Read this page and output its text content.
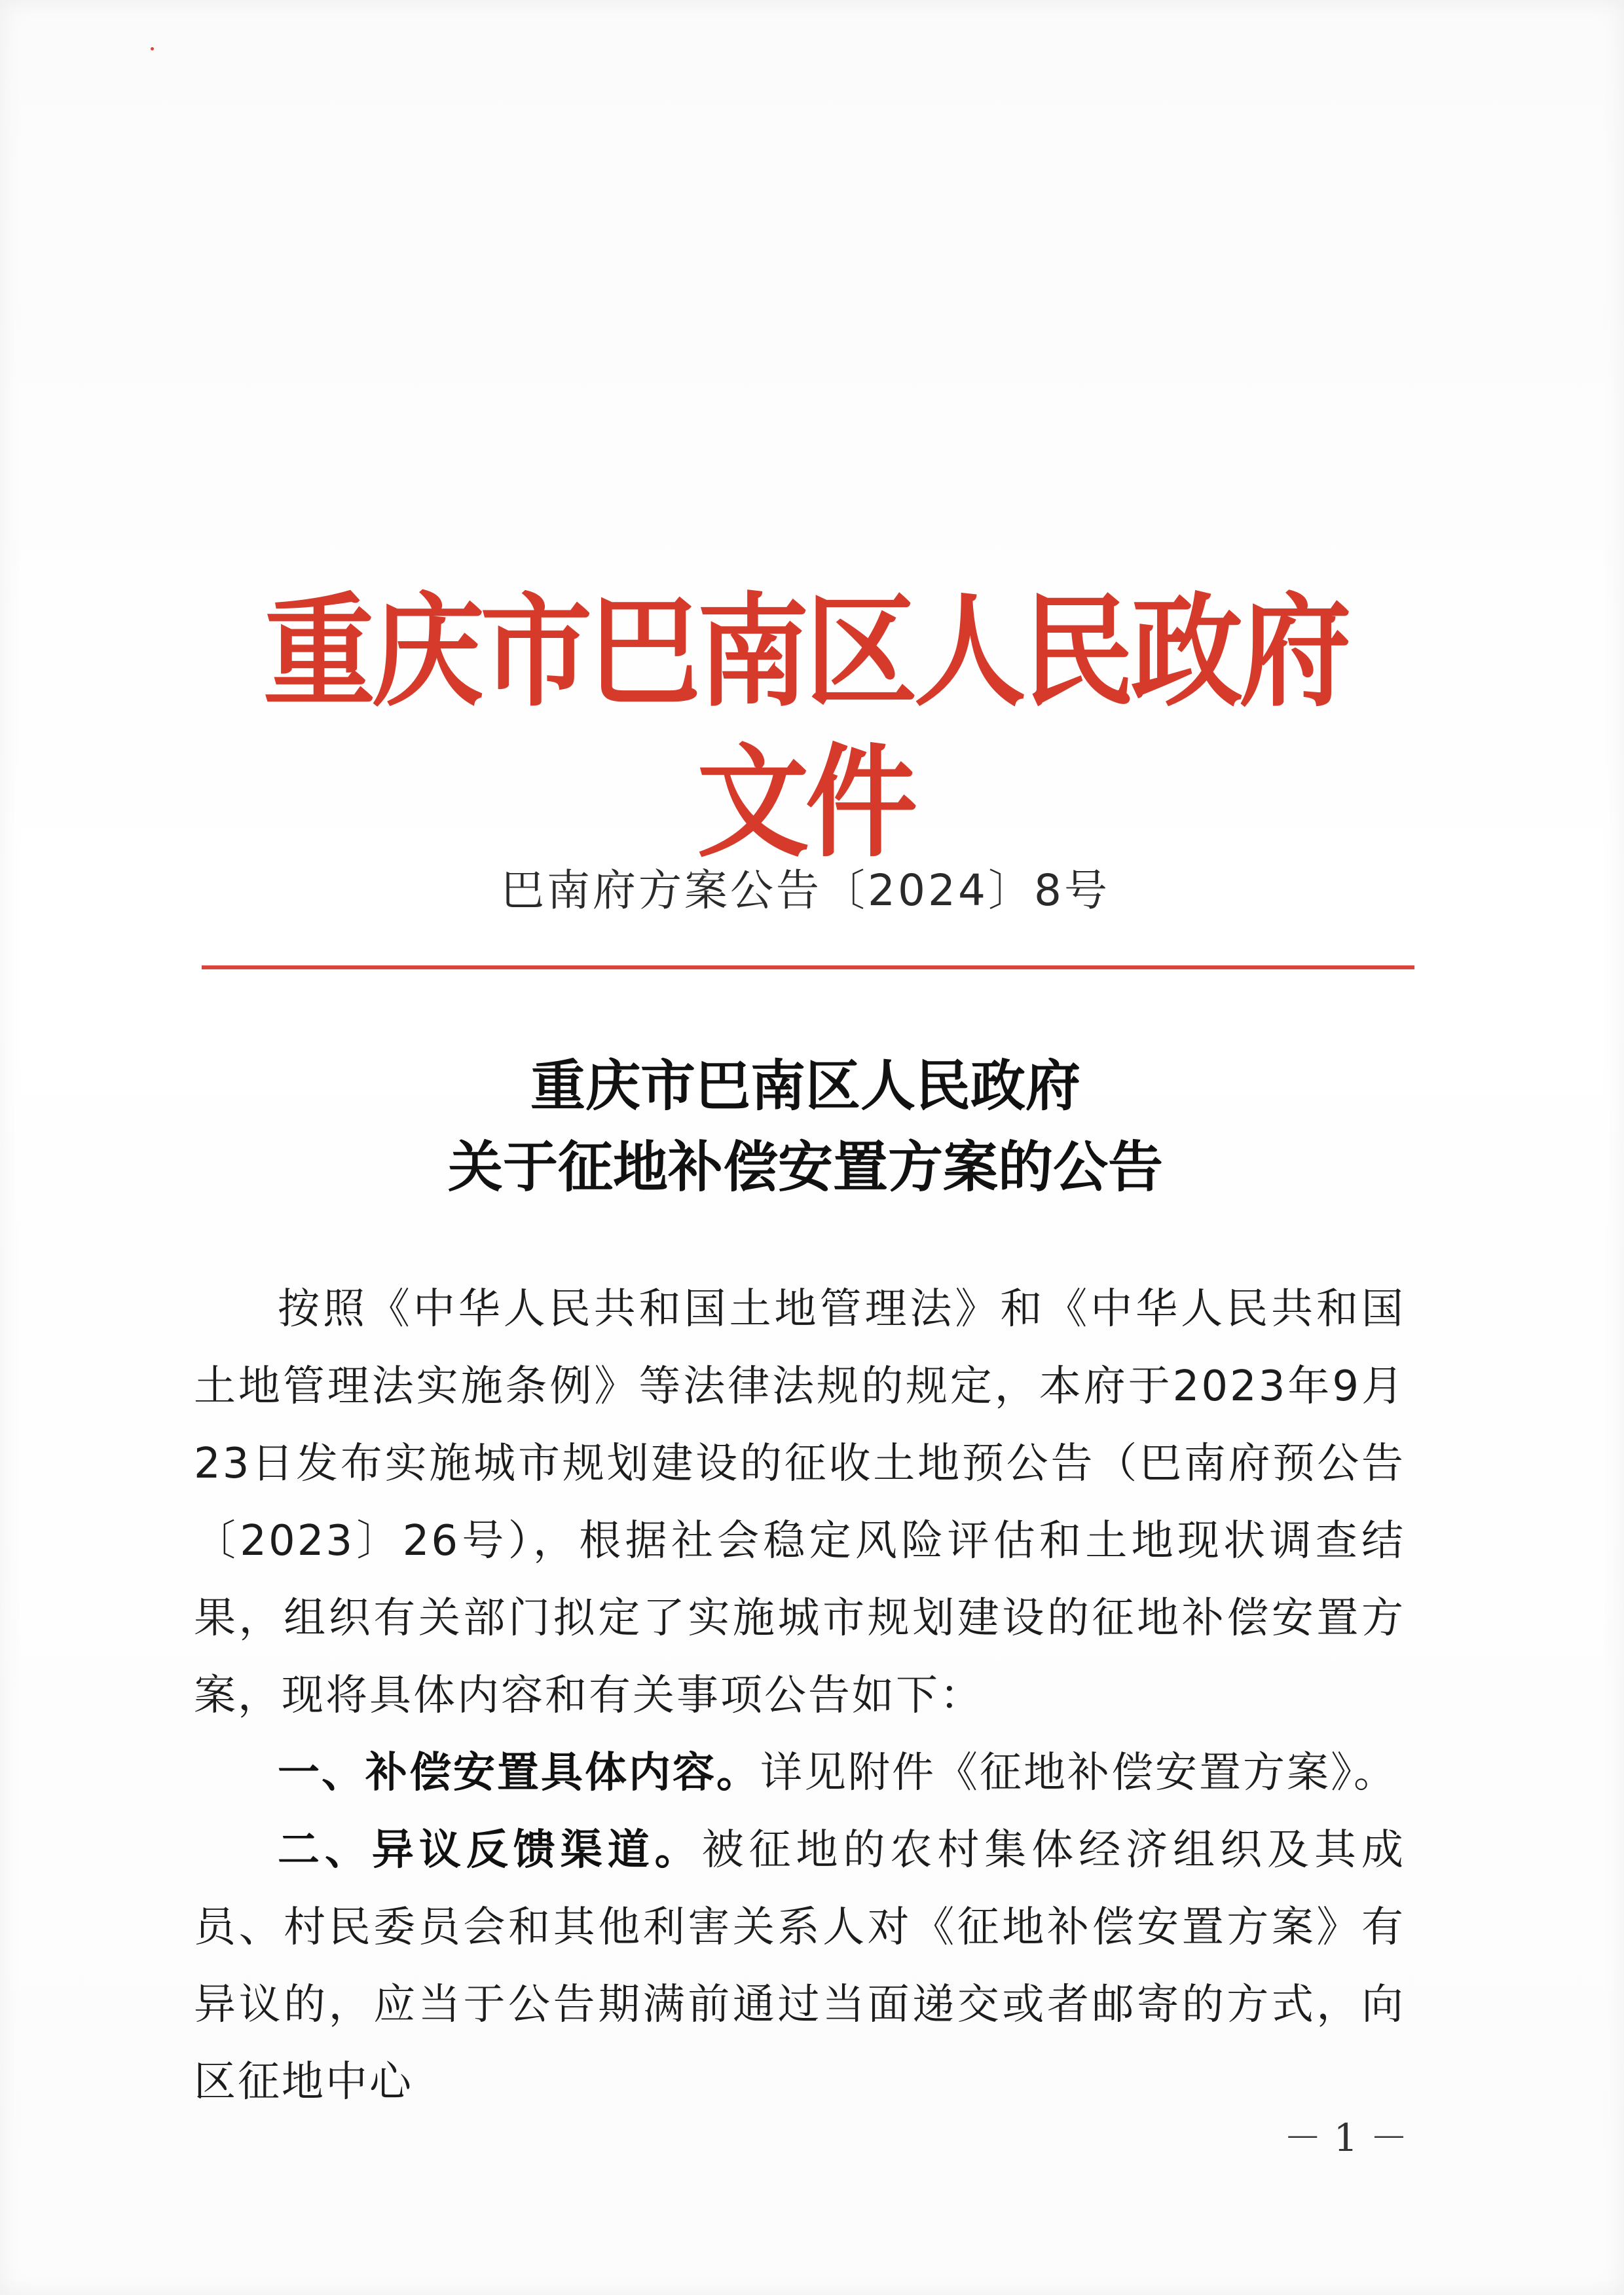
重庆市巴南区人民政府文件
巴南府方案公告〔2024〕8号
重庆市巴南区人民政府
关于征地补偿安置方案的公告

按照《中华人民共和国土地管理法》和《中华人民共和国土地管理法实施条例》等法律法规的规定，本府于2023年9月23日发布实施城市规划建设的征收土地预公告（巴南府预公告〔2023〕26号），根据社会稳定风险评估和土地现状调查结果，组织有关部门拟定了实施城市规划建设的征地补偿安置方案，现将具体内容和有关事项公告如下：

一、补偿安置具体内容。详见附件《征地补偿安置方案》。

二、异议反馈渠道。被征地的农村集体经济组织及其成员、村民委员会和其他利害关系人对《征地补偿安置方案》有异议的，应当于公告期满前通过当面递交或者邮寄的方式，向区征地中心

－ 1 －
